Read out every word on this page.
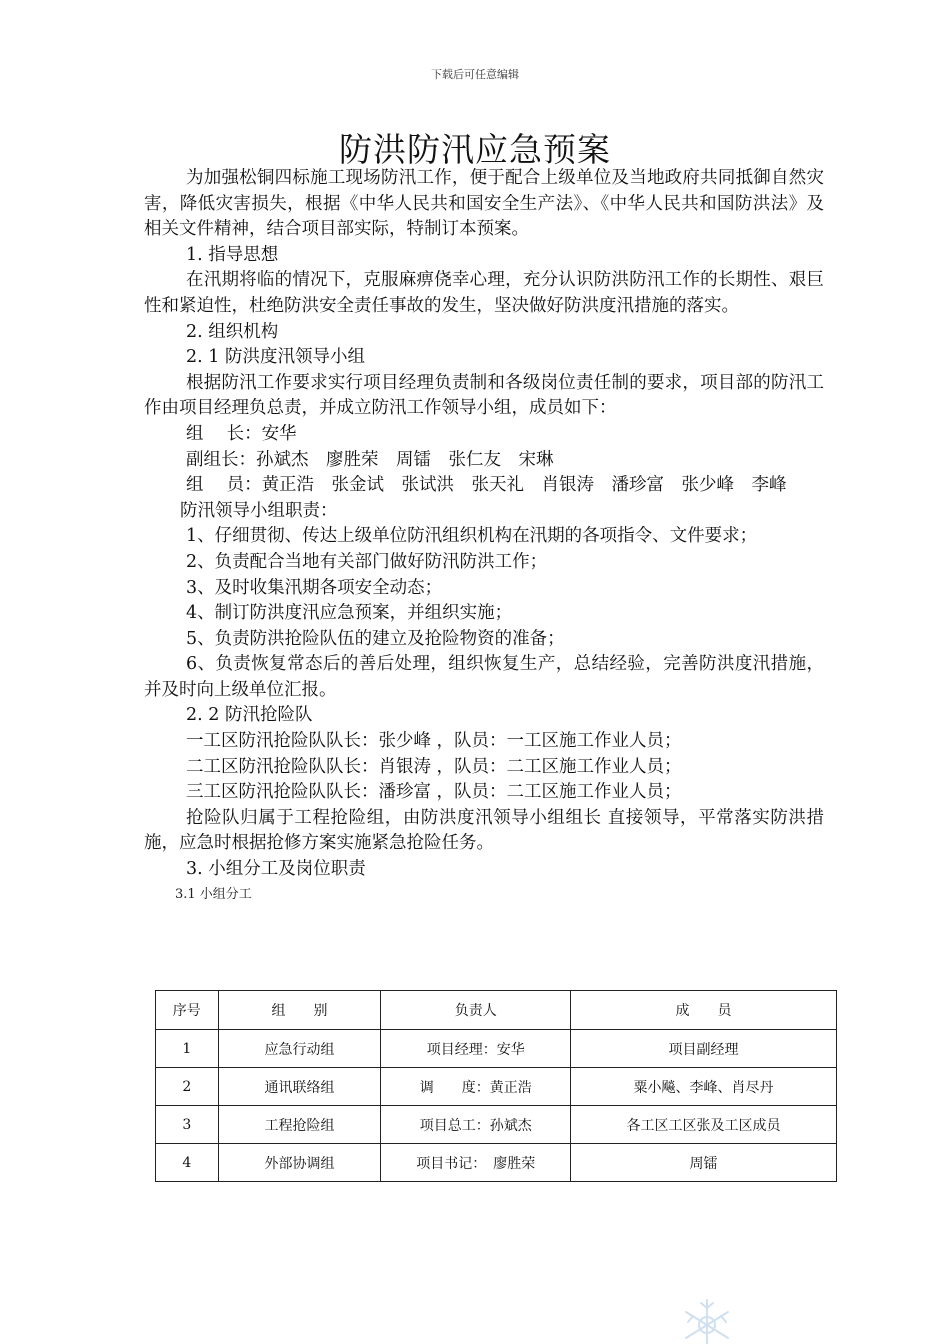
下载后可任意编辑
防洪防汛应急预案

为加强松铜四标施工现场防汛工作，便于配合上级单位及当地政府共同抵御自然灾害，降低灾害损失，根据《中华人民共和国安全生产法》、《中华人民共和国防洪法》及相关文件精神，结合项目部实际，特制订本预案。

1. 指导思想

在汛期将临的情况下，克服麻痹侥幸心理，充分认识防洪防汛工作的长期性、艰巨性和紧迫性，杜绝防洪安全责任事故的发生，坚决做好防洪度汛措施的落实。

2. 组织机构

2. 1 防洪度汛领导小组

根据防汛工作要求实行项目经理负责制和各级岗位责任制的要求，项目部的防汛工作由项目经理负总责，并成立防汛工作领导小组，成员如下：

组　 长： 安华
副组长： 孙斌杰　廖胜荣　周镭　张仁友　宋琳
组　 员： 黄正浩　张金试　张试洪　张天礼　肖银涛　潘珍富　张少峰　李峰

防汛领导小组职责：

1、仔细贯彻、传达上级单位防汛组织机构在汛期的各项指令、文件要求；

2、负责配合当地有关部门做好防汛防洪工作；

3、及时收集汛期各项安全动态；

4、制订防洪度汛应急预案，并组织实施；

5、负责防洪抢险队伍的建立及抢险物资的准备；

6、负责恢复常态后的善后处理，组织恢复生产，总结经验，完善防洪度汛措施，并及时向上级单位汇报。

2. 2 防汛抢险队

一工区防汛抢险队队长：张少峰 ，队员：一工区施工作业人员；

二工区防汛抢险队队长：肖银涛 ，队员：二工区施工作业人员；

三工区防汛抢险队队长：潘珍富 ，队员：二工区施工作业人员；

抢险队归属于工程抢险组，由防洪度汛领导小组组长 直接领导，平常落实防洪措施，应急时根据抢修方案实施紧急抢险任务。

3. 小组分工及岗位职责

3.1 小组分工

序号	组　　别	负责人	成　　员
1	应急行动组	项目经理：安华	项目副经理
2	通讯联络组	调　　度：黄正浩	粟小飚、李峰、肖尽丹
3	工程抢险组	项目总工：孙斌杰	各工区工区张及工区成员
4	外部协调组	项目书记：　廖胜荣	周镭
